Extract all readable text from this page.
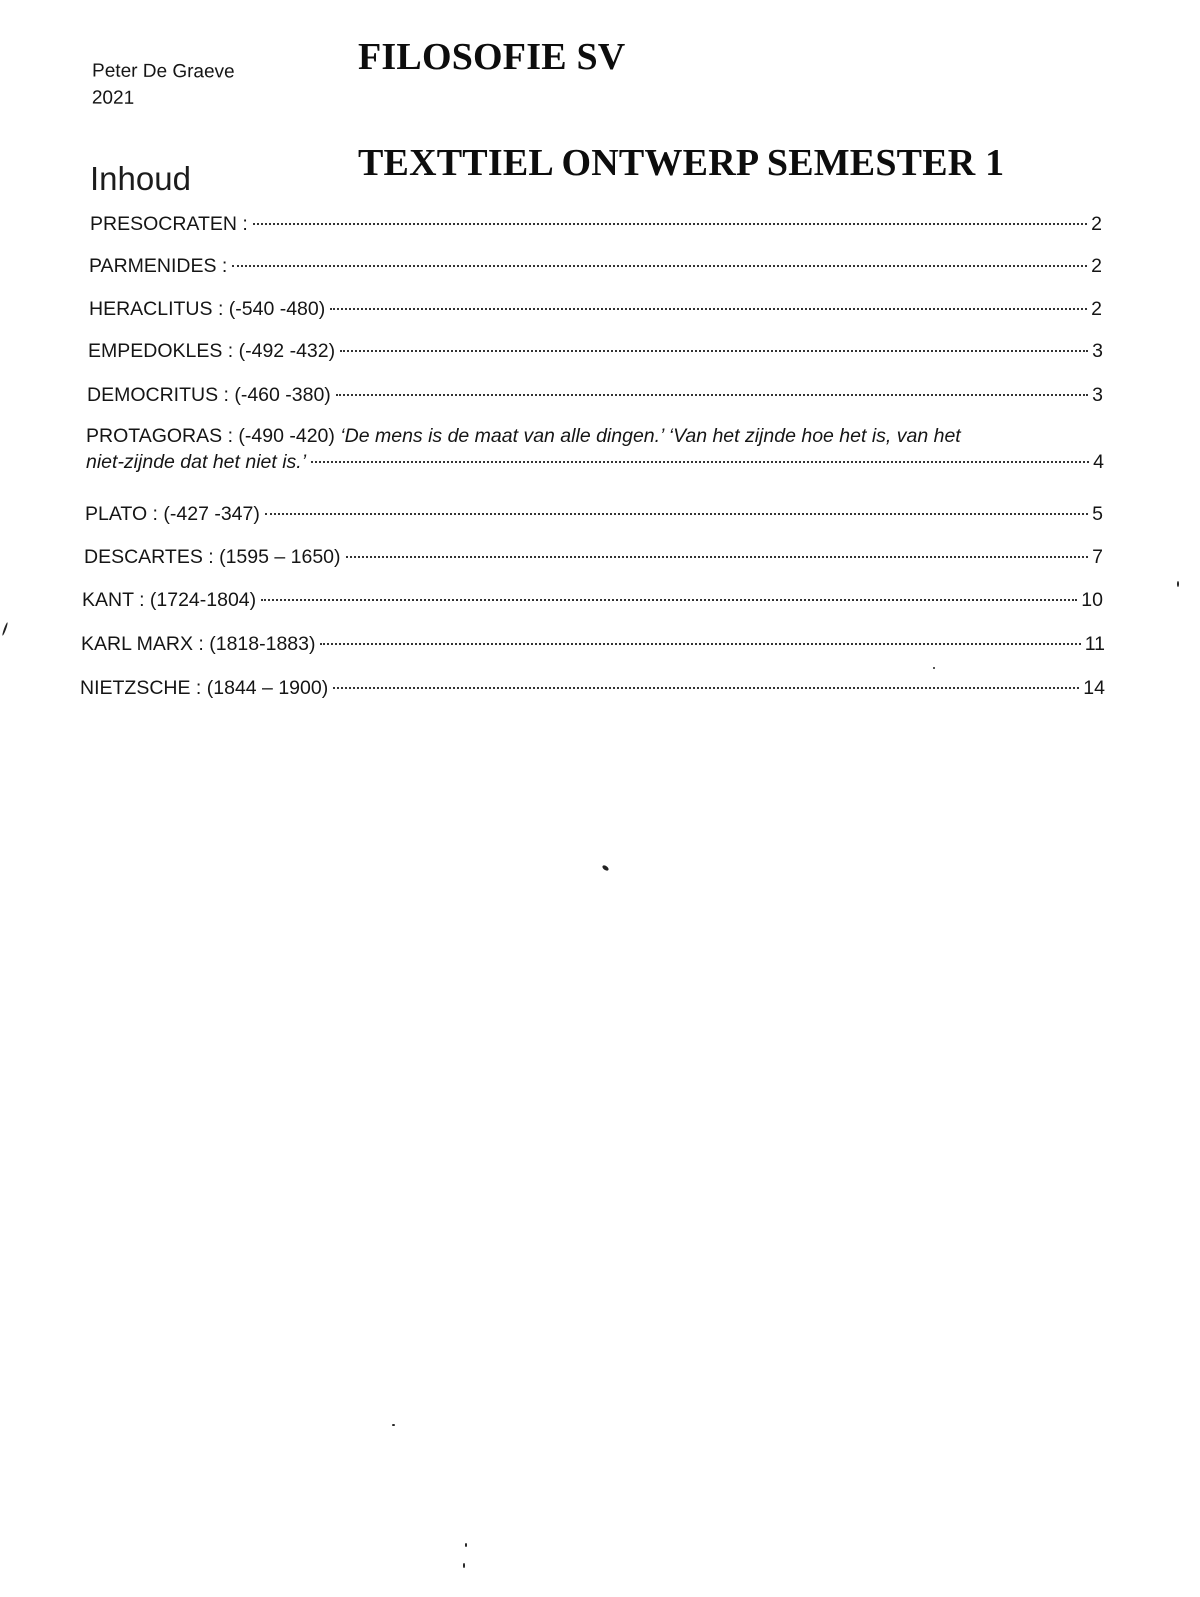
Peter De Graeve
2021
FILOSOFIE SV
TEXTTIEL ONTWERP SEMESTER 1
Inhoud
PRESOCRATEN :	2
PARMENIDES :	2
HERACLITUS : (-540 -480)	2
EMPEDOKLES : (-492 -432)	3
DEMOCRITUS : (-460 -380)	3
PROTAGORAS : (-490 -420) ‘De mens is de maat van alle dingen.’ ‘Van het zijnde hoe het is, van het
niet-zijnde dat het niet is.’	4
PLATO : (-427 -347)	5
DESCARTES : (1595 – 1650)	7
KANT : (1724-1804)	10
KARL MARX : (1818-1883)	11
NIETZSCHE : (1844 – 1900)	14
